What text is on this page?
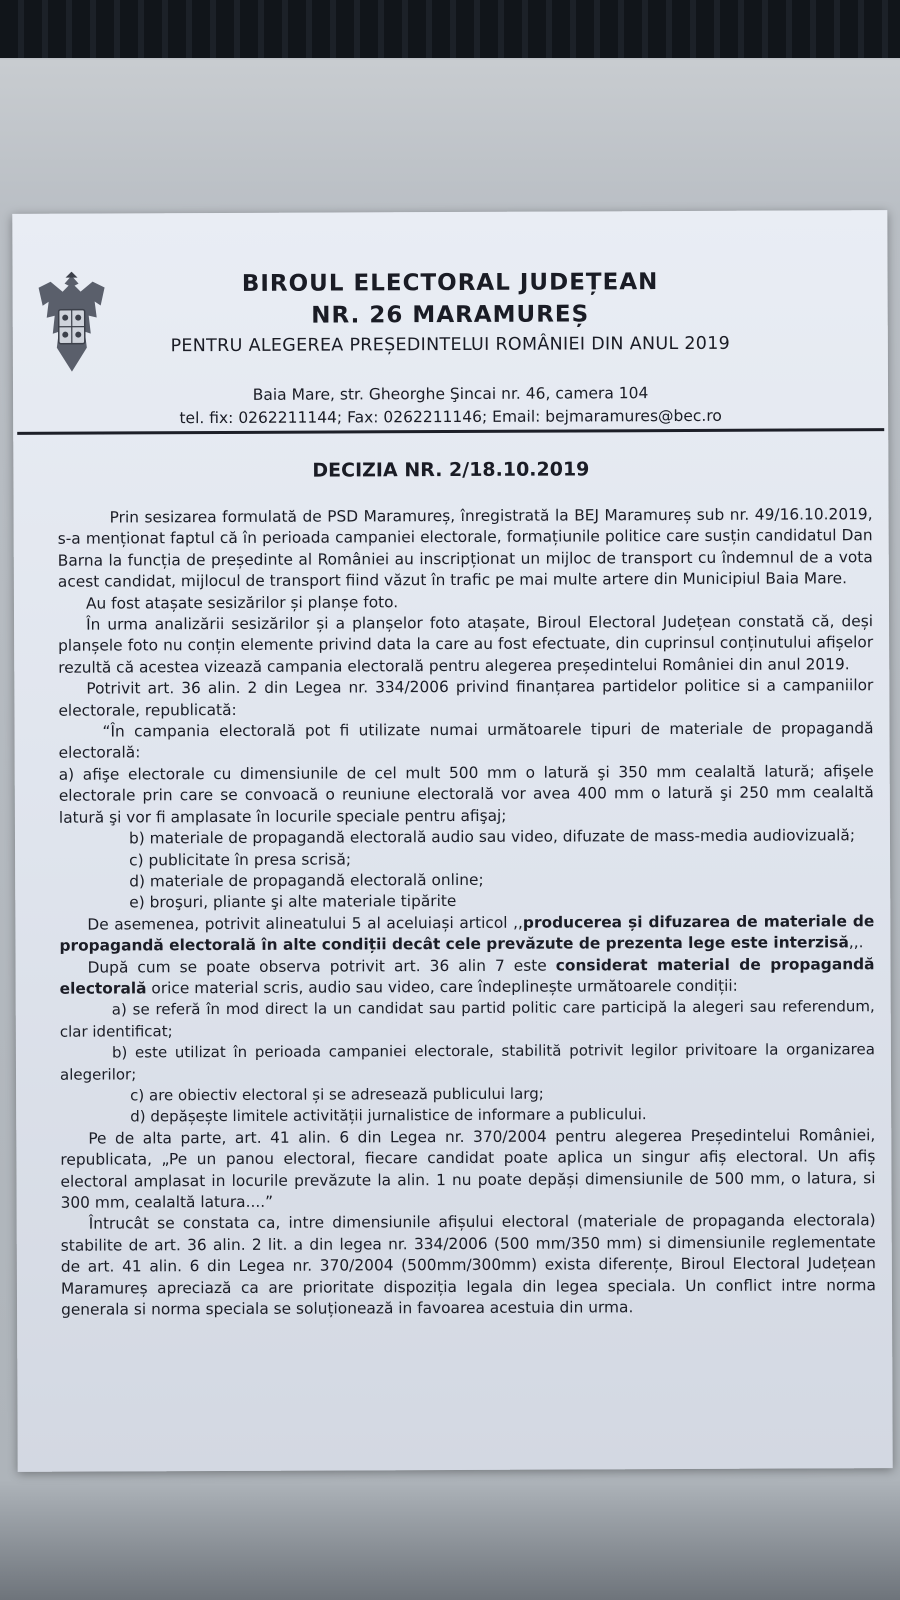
BIROUL ELECTORAL JUDEȚEAN
NR. 26 MARAMUREȘ
PENTRU ALEGEREA PREȘEDINTELUI ROMÂNIEI DIN ANUL 2019
Baia Mare, str. Gheorghe Şincai nr. 46, camera 104
tel. fix: 0262211144; Fax: 0262211146; Email: bejmaramures@bec.ro
DECIZIA NR. 2/18.10.2019

Prin sesizarea formulată de PSD Maramureș, înregistrată la BEJ Maramureș sub nr. 49/16.10.2019, s-a menționat faptul că în perioada campaniei electorale, formațiunile politice care susțin candidatul Dan Barna la funcția de președinte al României au inscripționat un mijloc de transport cu îndemnul de a vota acest candidat, mijlocul de transport fiind văzut în trafic pe mai multe artere din Municipiul Baia Mare.

Au fost atașate sesizărilor și planșe foto.

În urma analizării sesizărilor și a planșelor foto atașate, Biroul Electoral Județean constată că, deși planșele foto nu conțin elemente privind data la care au fost efectuate, din cuprinsul conținutului afișelor rezultă că acestea vizează campania electorală pentru alegerea președintelui României din anul 2019.

Potrivit art. 36 alin. 2 din Legea nr. 334/2006 privind finanțarea partidelor politice si a campaniilor electorale, republicată:

“În campania electorală pot fi utilizate numai următoarele tipuri de materiale de propagandă electorală:

a) afişe electorale cu dimensiunile de cel mult 500 mm o latură şi 350 mm cealaltă latură; afişele electorale prin care se convoacă o reuniune electorală vor avea 400 mm o latură şi 250 mm cealaltă latură şi vor fi amplasate în locurile speciale pentru afişaj;

b) materiale de propagandă electorală audio sau video, difuzate de mass-media audiovizuală;

c) publicitate în presa scrisă;

d) materiale de propagandă electorală online;

e) broşuri, pliante şi alte materiale tipărite

De asemenea, potrivit alineatului 5 al aceluiași articol ,,producerea și difuzarea de materiale de propagandă electorală în alte condiții decât cele prevăzute de prezenta lege este interzisă,,.

După cum se poate observa potrivit art. 36 alin 7 este considerat material de propagandă electorală orice material scris, audio sau video, care îndeplinește următoarele condiții:

a) se referă în mod direct la un candidat sau partid politic care participă la alegeri sau referendum, clar identificat;

b) este utilizat în perioada campaniei electorale, stabilită potrivit legilor privitoare la organizarea alegerilor;

c) are obiectiv electoral și se adresează publicului larg;

d) depășește limitele activității jurnalistice de informare a publicului.

Pe de alta parte, art. 41 alin. 6 din Legea nr. 370/2004 pentru alegerea Președintelui României, republicata, „Pe un panou electoral, fiecare candidat poate aplica un singur afiș electoral. Un afiș electoral amplasat in locurile prevăzute la alin. 1 nu poate depăși dimensiunile de 500 mm, o latura, si 300 mm, cealaltă latura....”

Întrucât se constata ca, intre dimensiunile afișului electoral (materiale de propaganda electorala) stabilite de art. 36 alin. 2 lit. a din legea nr. 334/2006 (500 mm/350 mm) si dimensiunile reglementate de art. 41 alin. 6 din Legea nr. 370/2004 (500mm/300mm) exista diferențe, Biroul Electoral Județean Maramureș apreciază ca are prioritate dispoziția legala din legea speciala. Un conflict intre norma generala si norma speciala se soluționează in favoarea acestuia din urma.
